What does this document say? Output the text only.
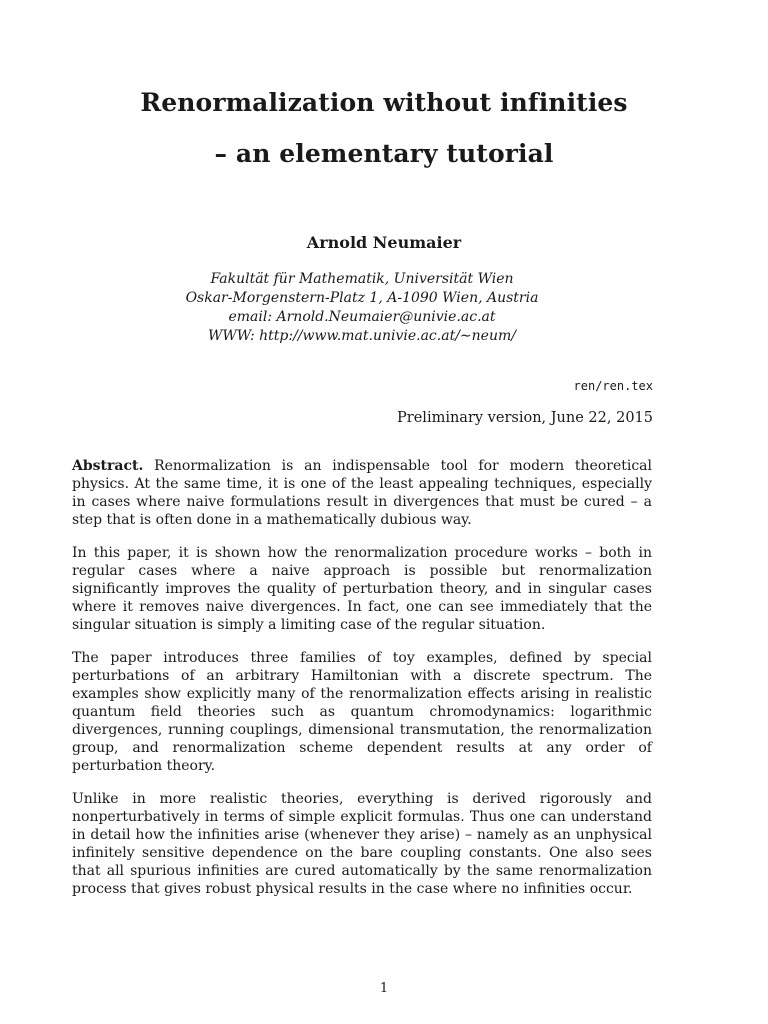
Renormalization without infinities
– an elementary tutorial
Arnold Neumaier
Fakultät für Mathematik, Universität Wien
Oskar-Morgenstern-Platz 1, A-1090 Wien, Austria
email: Arnold.Neumaier@univie.ac.at
WWW: http://www.mat.univie.ac.at/∼neum/
ren/ren.tex
Preliminary version, June 22, 2015

Abstract. Renormalization is an indispensable tool for modern theoretical physics. At the same time, it is one of the least appealing techniques, especially in cases where naive formulations result in divergences that must be cured – a step that is often done in a mathematically dubious way.

In this paper, it is shown how the renormalization procedure works – both in regular cases where a naive approach is possible but renormalization significantly improves the quality of perturbation theory, and in singular cases where it removes naive divergences. In fact, one can see immediately that the singular situation is simply a limiting case of the regular situation.

The paper introduces three families of toy examples, defined by special perturbations of an arbitrary Hamiltonian with a discrete spectrum. The examples show explicitly many of the renormalization effects arising in realistic quantum field theories such as quantum chromodynamics: logarithmic divergences, running couplings, dimensional transmutation, the renormalization group, and renormalization scheme dependent results at any order of perturbation theory.

Unlike in more realistic theories, everything is derived rigorously and nonperturbatively in terms of simple explicit formulas. Thus one can understand in detail how the infinities arise (whenever they arise) – namely as an unphysical infinitely sensitive dependence on the bare coupling constants. One also sees that all spurious infinities are cured automatically by the same renormalization process that gives robust physical results in the case where no infinities occur.

1
